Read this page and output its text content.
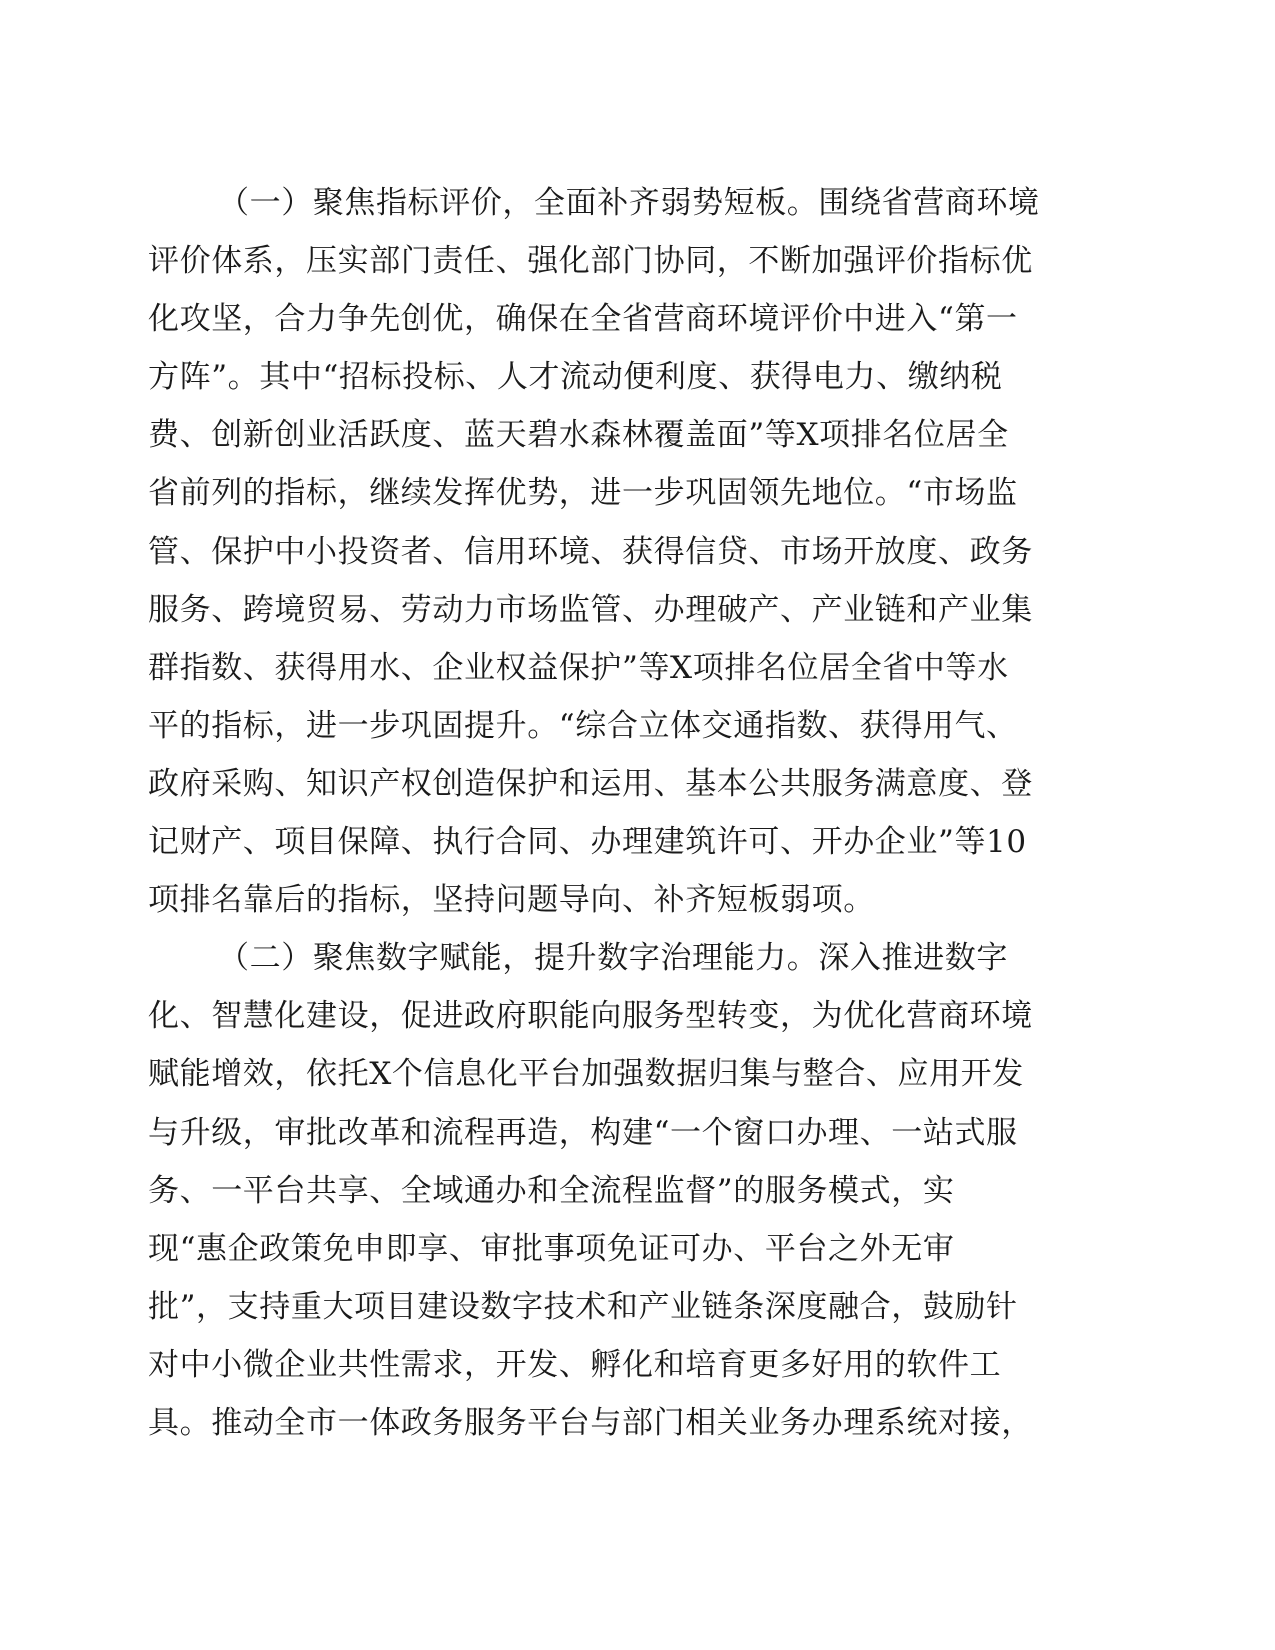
（一）聚焦指标评价，全面补齐弱势短板。围绕省营商环境
评价体系，压实部门责任、强化部门协同，不断加强评价指标优
化攻坚，合力争先创优，确保在全省营商环境评价中进入“第一
方阵”。其中“招标投标、人才流动便利度、获得电力、缴纳税
费、创新创业活跃度、蓝天碧水森林覆盖面”等X项排名位居全
省前列的指标，继续发挥优势，进一步巩固领先地位。“市场监
管、保护中小投资者、信用环境、获得信贷、市场开放度、政务
服务、跨境贸易、劳动力市场监管、办理破产、产业链和产业集
群指数、获得用水、企业权益保护”等X项排名位居全省中等水
平的指标，进一步巩固提升。“综合立体交通指数、获得用气、
政府采购、知识产权创造保护和运用、基本公共服务满意度、登
记财产、项目保障、执行合同、办理建筑许可、开办企业”等10
项排名靠后的指标，坚持问题导向、补齐短板弱项。
（二）聚焦数字赋能，提升数字治理能力。深入推进数字
化、智慧化建设，促进政府职能向服务型转变，为优化营商环境
赋能增效，依托X个信息化平台加强数据归集与整合、应用开发
与升级，审批改革和流程再造，构建“一个窗口办理、一站式服
务、一平台共享、全域通办和全流程监督”的服务模式，实
现“惠企政策免申即享、审批事项免证可办、平台之外无审
批”，支持重大项目建设数字技术和产业链条深度融合，鼓励针
对中小微企业共性需求，开发、孵化和培育更多好用的软件工
具。推动全市一体政务服务平台与部门相关业务办理系统对接，
